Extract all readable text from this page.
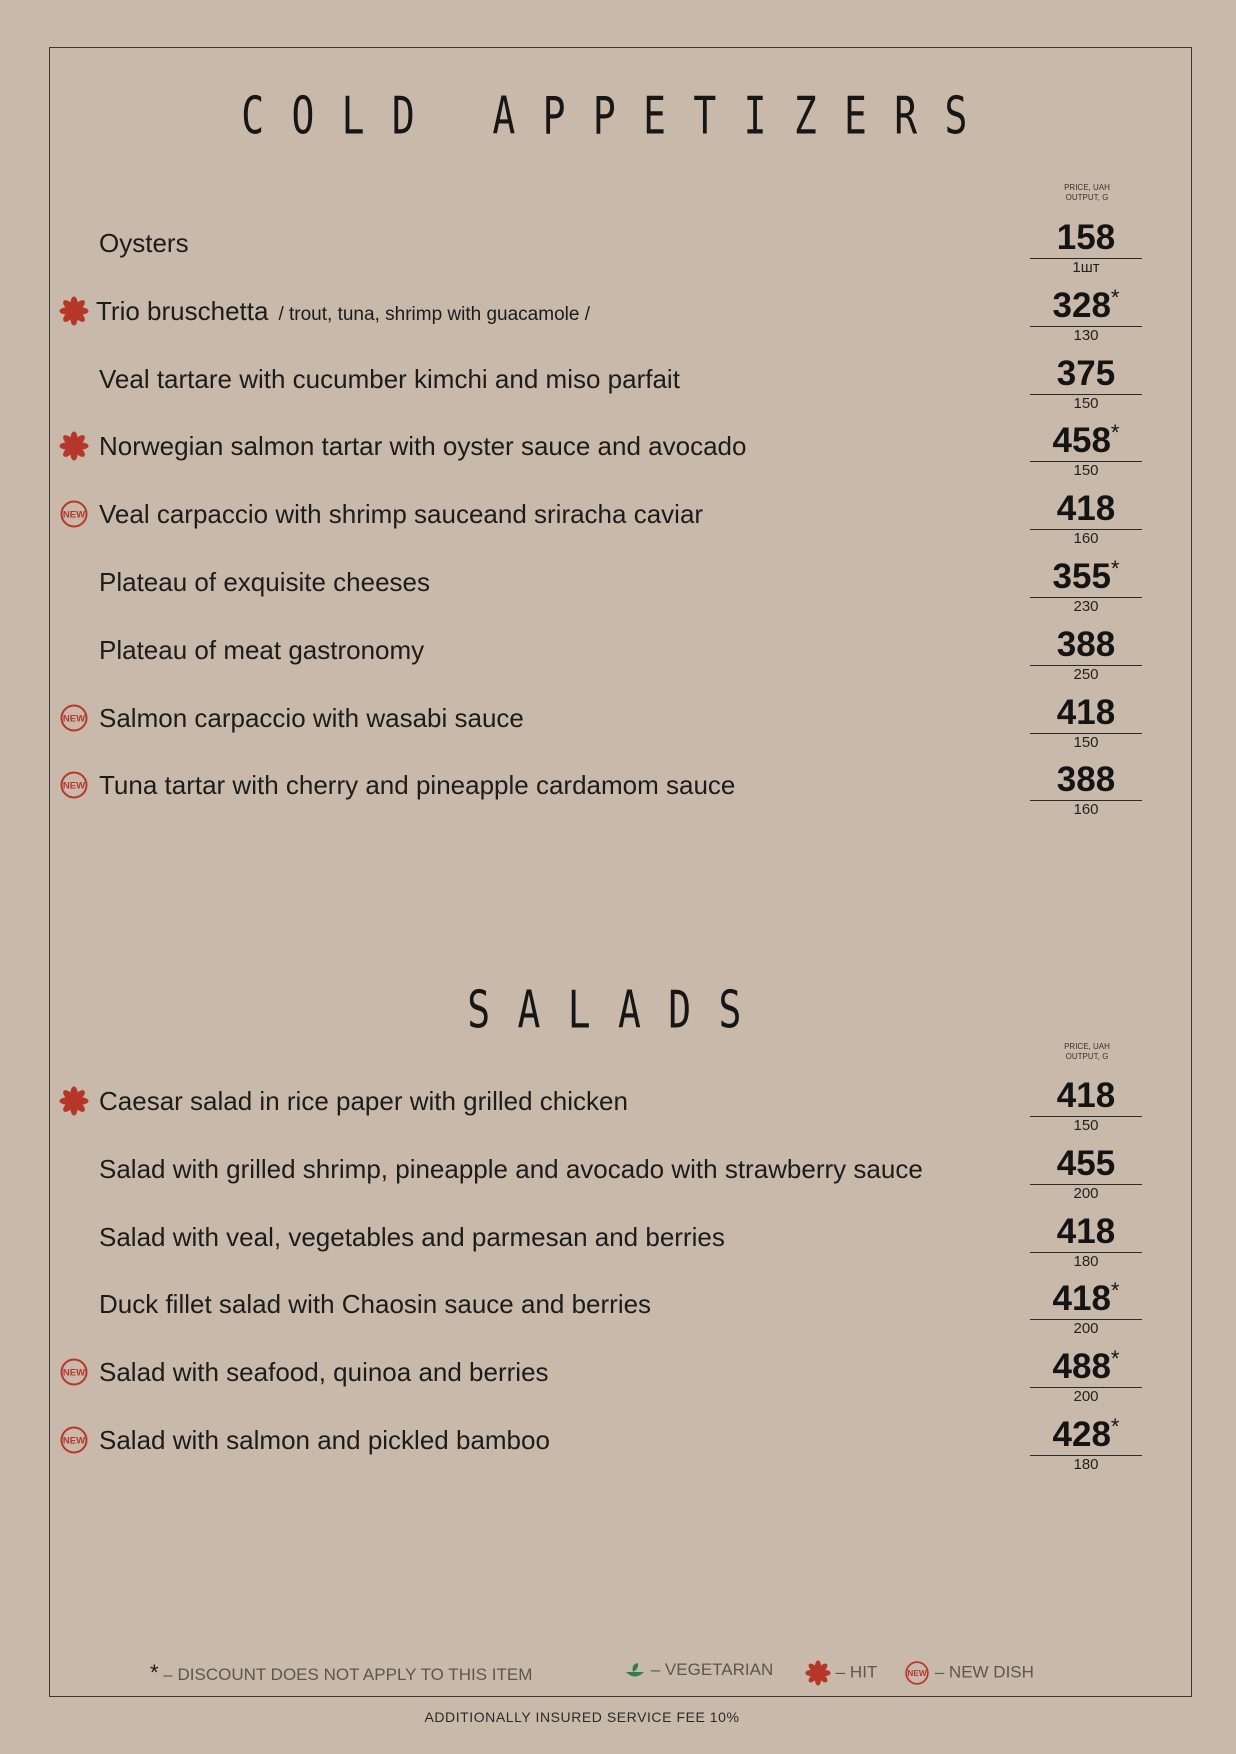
COLD APPETIZERS
PRICE, UAH
OUTPUT, G
Oysters	158
1шт
Trio bruschetta / trout, tuna, shrimp with guacamole /	328*
130
Veal tartare with cucumber kimchi and miso parfait	375
150
Norwegian salmon tartar with oyster sauce and avocado	458*
150
NEW Veal carpaccio with shrimp sauceand sriracha caviar	418
160
Plateau of exquisite cheeses	355*
230
Plateau of meat gastronomy	388
250
NEW Salmon carpaccio with wasabi sauce	418
150
NEW Tuna tartar with cherry and pineapple cardamom sauce	388
160
SALADS
PRICE, UAH
OUTPUT, G
Caesar salad in rice paper with grilled chicken	418
150
Salad with grilled shrimp, pineapple and avocado with strawberry sauce	455
200
Salad with veal, vegetables and parmesan and berries	418
180
Duck fillet salad with Chaosin sauce and berries	418*
200
NEW Salad with seafood, quinoa and berries	488*
200
NEW Salad with salmon and pickled bamboo	428*
180
* – DISCOUNT DOES NOT APPLY TO THIS ITEM	– VEGETARIAN	– HIT	NEW – NEW DISH
ADDITIONALLY INSURED SERVICE FEE 10%
